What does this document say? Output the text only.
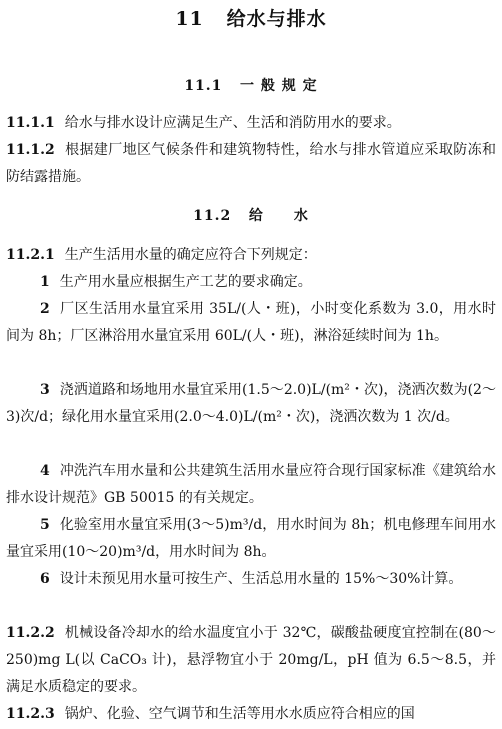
11 给水与排水
11.1 一 般 规 定
11.1.1 给水与排水设计应满足生产、生活和消防用水的要求。
11.1.2 根据建厂地区气候条件和建筑物特性，给水与排水管道应采取防冻和防结露措施。
11.2 给　　水
11.2.1 生产生活用水量的确定应符合下列规定：
1 生产用水量应根据生产工艺的要求确定。
2 厂区生活用水量宜采用 35L/(人・班)，小时变化系数为 3.0，用水时间为 8h；厂区淋浴用水量宜采用 60L/(人・班)，淋浴延续时间为 1h。
3 浇洒道路和场地用水量宜采用(1.5～2.0)L/(m²・次)，浇洒次数为(2～3)次/d；绿化用水量宜采用(2.0～4.0)L/(m²・次)，浇洒次数为 1 次/d。
4 冲洗汽车用水量和公共建筑生活用水量应符合现行国家标准《建筑给水排水设计规范》GB 50015 的有关规定。
5 化验室用水量宜采用(3～5)m³/d，用水时间为 8h；机电修理车间用水量宜采用(10～20)m³/d，用水时间为 8h。
6 设计未预见用水量可按生产、生活总用水量的 15%～30%计算。
11.2.2 机械设备冷却水的给水温度宜小于 32℃，碳酸盐硬度宜控制在(80～250)mg L(以 CaCO₃ 计)，悬浮物宜小于 20mg/L，pH 值为 6.5～8.5，并满足水质稳定的要求。
11.2.3 锅炉、化验、空气调节和生活等用水水质应符合相应的国
